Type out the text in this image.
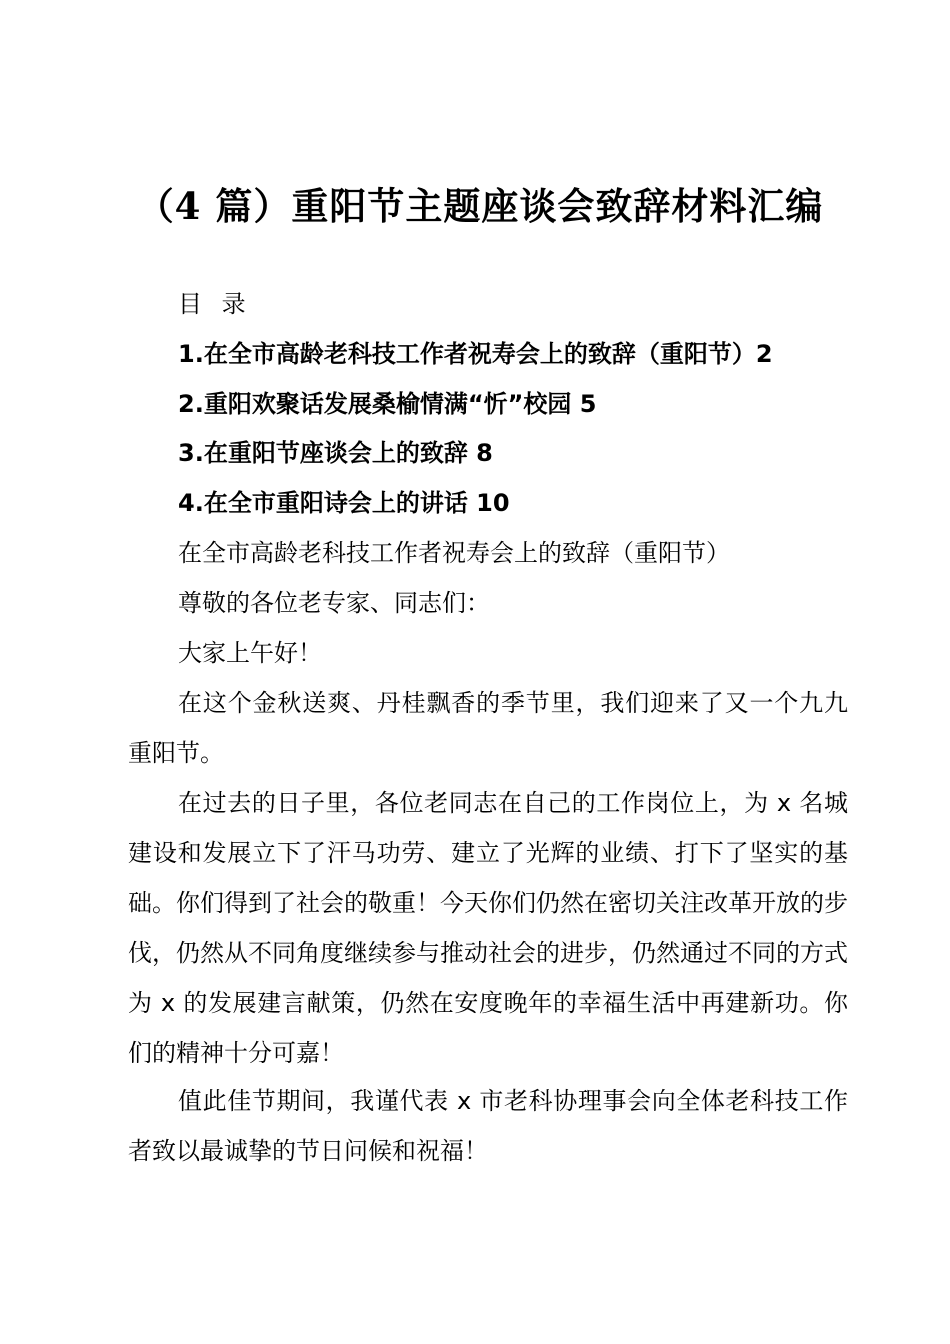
（4 篇）重阳节主题座谈会致辞材料汇编
目 录
1.在全市高龄老科技工作者祝寿会上的致辞（重阳节）2
2.重阳欢聚话发展桑榆情满“忻”校园 5
3.在重阳节座谈会上的致辞 8
4.在全市重阳诗会上的讲话 10

在全市高龄老科技工作者祝寿会上的致辞（重阳节）

尊敬的各位老专家、同志们：

大家上午好！

在这个金秋送爽、丹桂飘香的季节里，我们迎来了又一个九九重阳节。

在过去的日子里，各位老同志在自己的工作岗位上，为 x 名城建设和发展立下了汗马功劳、建立了光辉的业绩、打下了坚实的基础。你们得到了社会的敬重！今天你们仍然在密切关注改革开放的步伐，仍然从不同角度继续参与推动社会的进步，仍然通过不同的方式为 x 的发展建言献策，仍然在安度晚年的幸福生活中再建新功。你们的精神十分可嘉！

值此佳节期间，我谨代表 x 市老科协理事会向全体老科技工作者致以最诚挚的节日问候和祝福！
